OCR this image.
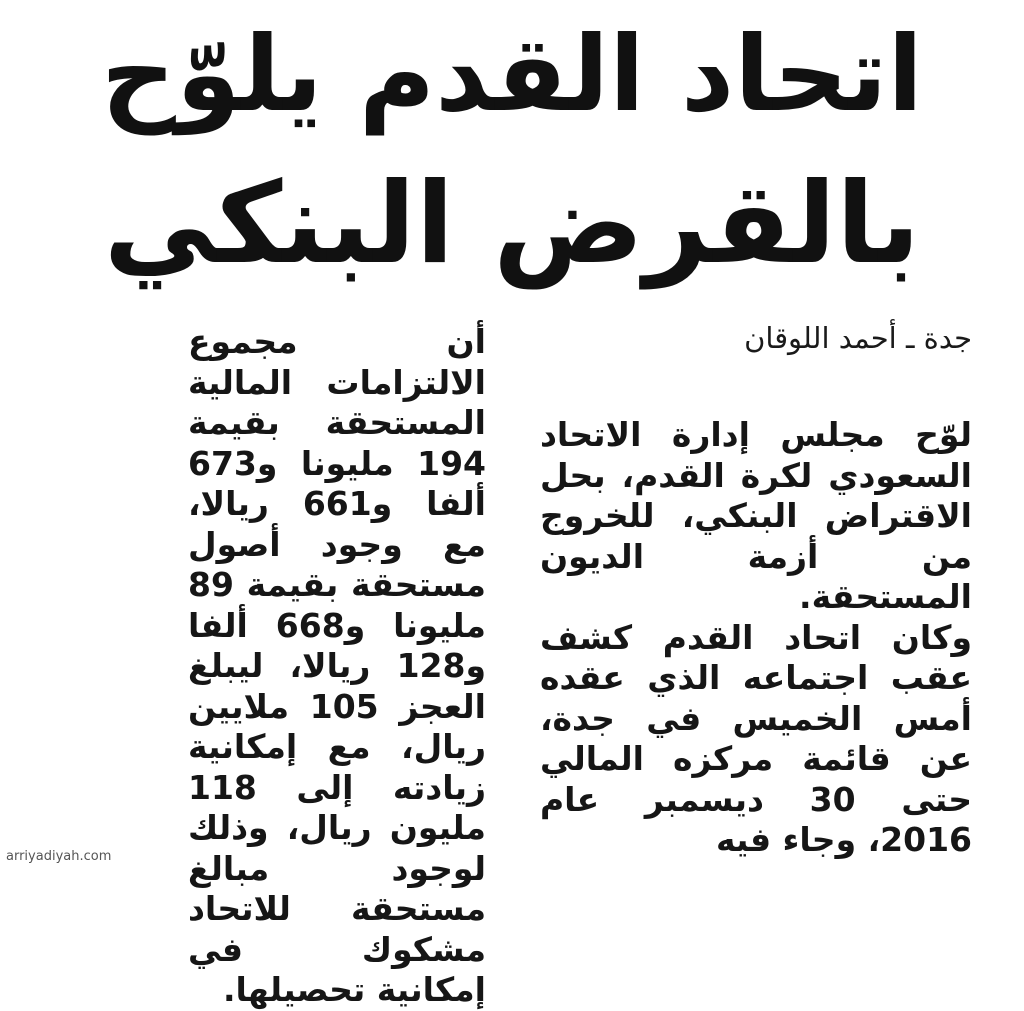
اتحاد القدم يلوّح
بالقرض البنكي
جدة ـ أحمد اللوقان

أن مجموع الالتزامات المالية المستحقة بقيمة 194 مليونا و673 ألفا و661 ريالا، مع وجود أصول مستحقة بقيمة 89 مليونا و668 ألفا و128 ريالا، ليبلغ العجز 105 ملايين ريال، مع إمكانية زيادته إلى 118 مليون ريال، وذلك لوجود مبالغ مستحقة للاتحاد مشكوك في إمكانية تحصيلها.

لوّح مجلس إدارة الاتحاد السعودي لكرة القدم، بحل الاقتراض البنكي، للخروج من أزمة الديون المستحقة.

وكان اتحاد القدم كشف عقب اجتماعه الذي عقده أمس الخميس في جدة، عن قائمة مركزه المالي حتى 30 ديسمبر عام 2016، وجاء فيه

arriyadiyah.com
